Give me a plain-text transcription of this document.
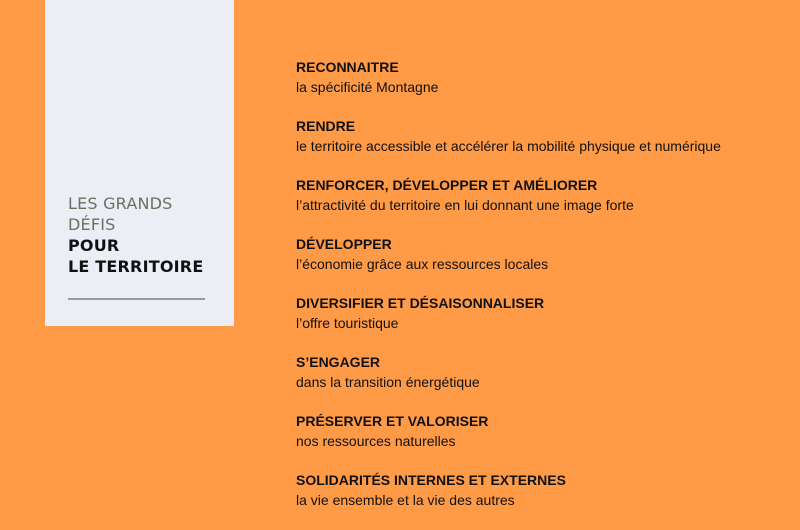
LES GRANDS
DÉFIS
POUR
LE TERRITOIRE
RECONNAITRE
la spécificité Montagne
RENDRE
le territoire accessible et accélérer la mobilité physique et numérique
RENFORCER, DÉVELOPPER ET AMÉLIORER
l’attractivité du territoire en lui donnant une image forte
DÉVELOPPER
l’économie grâce aux ressources locales
DIVERSIFIER ET DÉSAISONNALISER
l’offre touristique
S’ENGAGER
dans la transition énergétique
PRÉSERVER ET VALORISER
nos ressources naturelles
SOLIDARITÉS INTERNES ET EXTERNES
la vie ensemble et la vie des autres
